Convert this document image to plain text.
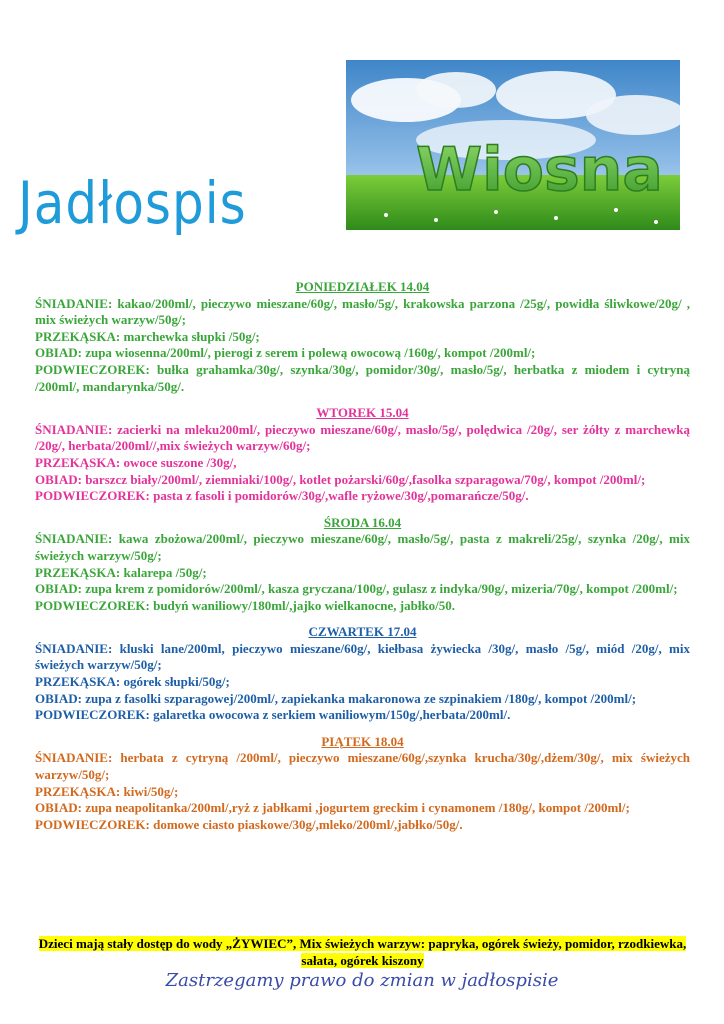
Jadłospis	Wiosna

PONIEDZIAŁEK 14.04

ŚNIADANIE: kakao/200ml/, pieczywo mieszane/60g/, masło/5g/, krakowska parzona /25g/, powidła śliwkowe/20g/ , mix świeżych warzyw/50g/;

PRZEKĄSKA: marchewka słupki /50g/;

OBIAD: zupa wiosenna/200ml/, pierogi z serem i polewą owocową /160g/, kompot /200ml/;

PODWIECZOREK: bułka grahamka/30g/, szynka/30g/, pomidor/30g/, masło/5g/, herbatka z miodem i cytryną /200ml/, mandarynka/50g/.

WTOREK 15.04

ŚNIADANIE: zacierki na mleku200ml/, pieczywo mieszane/60g/, masło/5g/, polędwica /20g/, ser żółty z marchewką /20g/, herbata/200ml//,mix świeżych warzyw/60g/;

PRZEKĄSKA: owoce suszone /30g/,

OBIAD: barszcz biały/200ml/, ziemniaki/100g/, kotlet pożarski/60g/,fasolka szparagowa/70g/, kompot /200ml/;

PODWIECZOREK: pasta z fasoli i pomidorów/30g/,wafle ryżowe/30g/,pomarańcze/50g/.

ŚRODA 16.04

ŚNIADANIE: kawa zbożowa/200ml/, pieczywo mieszane/60g/, masło/5g/, pasta z makreli/25g/, szynka /20g/, mix świeżych warzyw/50g/;

PRZEKĄSKA: kalarepa /50g/;

OBIAD: zupa krem z pomidorów/200ml/, kasza gryczana/100g/, gulasz z indyka/90g/, mizeria/70g/, kompot /200ml/;

PODWIECZOREK: budyń waniliowy/180ml/,jajko wielkanocne, jabłko/50.

CZWARTEK 17.04

ŚNIADANIE: kluski lane/200ml, pieczywo mieszane/60g/, kiełbasa żywiecka /30g/, masło /5g/, miód /20g/, mix świeżych warzyw/50g/;

PRZEKĄSKA: ogórek słupki/50g/;

OBIAD: zupa z fasolki szparagowej/200ml/, zapiekanka makaronowa ze szpinakiem /180g/, kompot /200ml/;

PODWIECZOREK: galaretka owocowa z serkiem waniliowym/150g/,herbata/200ml/.

PIĄTEK 18.04

ŚNIADANIE: herbata z cytryną /200ml/, pieczywo mieszane/60g/,szynka krucha/30g/,dżem/30g/, mix świeżych warzyw/50g/;

PRZEKĄSKA: kiwi/50g/;

OBIAD: zupa neapolitanka/200ml/,ryż z jabłkami ,jogurtem greckim i cynamonem /180g/, kompot /200ml/;

PODWIECZOREK: domowe ciasto piaskowe/30g/,mleko/200ml/,jabłko/50g/.

Dzieci mają stały dostęp do wody „ŻYWIEC”, Mix świeżych warzyw: papryka, ogórek świeży, pomidor, rzodkiewka, sałata, ogórek kiszony
Zastrzegamy prawo do zmian w jadłospisie
